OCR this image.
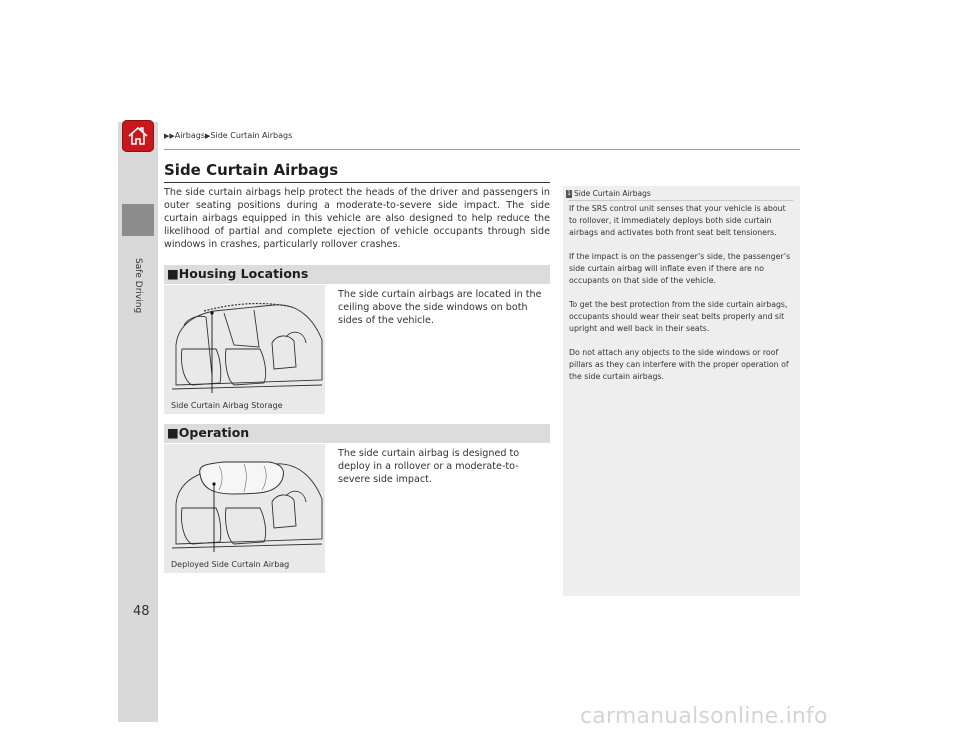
Safe Driving
▶▶Airbags▶Side Curtain Airbags
Side Curtain Airbags
The side curtain airbags help protect the heads of the driver and passengers in outer seating positions during a moderate-to-severe side impact. The side curtain airbags equipped in this vehicle are also designed to help reduce the likelihood of partial and complete ejection of vehicle occupants through side windows in crashes, particularly rollover crashes.
■Housing Locations
The side curtain airbags are located in the ceiling above the side windows on both sides of the vehicle.
Side Curtain Airbag Storage
■Operation
The side curtain airbag is designed to deploy in a rollover or a moderate-to-severe side impact.
Deployed Side Curtain Airbag
1 Side Curtain Airbags

If the SRS control unit senses that your vehicle is about to rollover, it immediately deploys both side curtain airbags and activates both front seat belt tensioners.

If the impact is on the passenger’s side, the passenger’s side curtain airbag will inflate even if there are no occupants on that side of the vehicle.

To get the best protection from the side curtain airbags, occupants should wear their seat belts properly and sit upright and well back in their seats.

Do not attach any objects to the side windows or roof pillars as they can interfere with the proper operation of the side curtain airbags.

48
carmanualsonline.info
